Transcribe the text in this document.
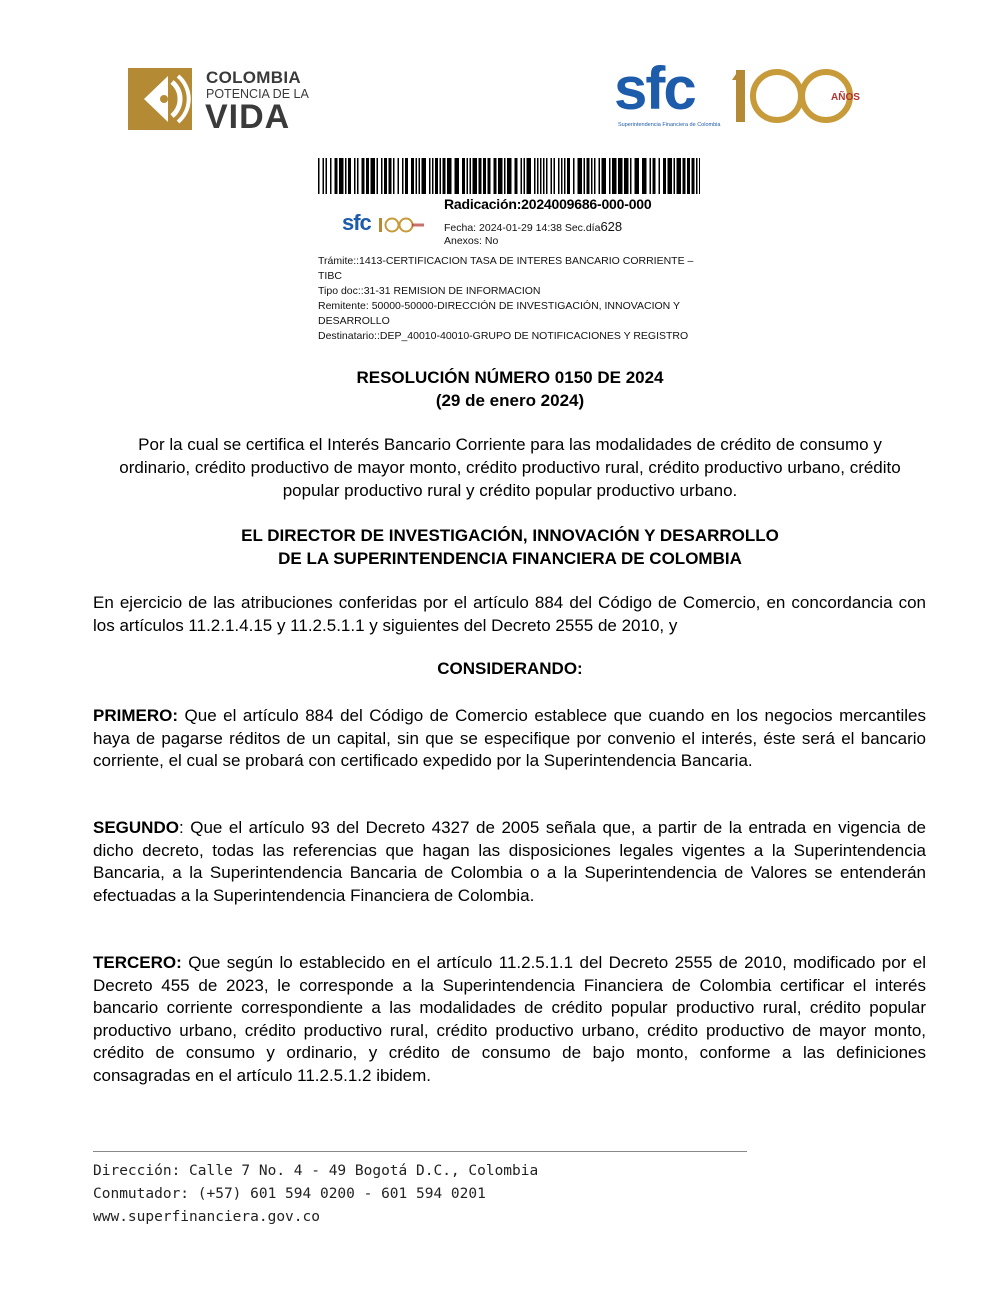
COLOMBIA
POTENCIA DE LA
VIDA	sfc
Superintendencia Financiera de Colombia
AÑOS
sfc
Radicación:2024009686-000-000
Fecha: 2024-01-29 14:38 Sec.día628
Anexos: No
Trámite::1413-CERTIFICACION TASA DE INTERES BANCARIO CORRIENTE –TIBC
Tipo doc::31-31 REMISION DE INFORMACION
Remitente: 50000-50000-DIRECCIÓN DE INVESTIGACIÓN, INNOVACION Y DESARROLLO
Destinatario::DEP_40010-40010-GRUPO DE NOTIFICACIONES Y REGISTRO
RESOLUCIÓN NÚMERO 0150 DE 2024
(29 de enero 2024)
Por la cual se certifica el Interés Bancario Corriente para las modalidades de crédito de consumo y ordinario, crédito productivo de mayor monto, crédito productivo rural, crédito productivo urbano, crédito popular productivo rural y crédito popular productivo urbano.
EL DIRECTOR DE INVESTIGACIÓN, INNOVACIÓN Y DESARROLLO
DE LA SUPERINTENDENCIA FINANCIERA DE COLOMBIA
En ejercicio de las atribuciones conferidas por el artículo 884 del Código de Comercio, en concordancia con los artículos 11.2.1.4.15 y 11.2.5.1.1 y siguientes del Decreto 2555 de 2010, y
CONSIDERANDO:
PRIMERO: Que el artículo 884 del Código de Comercio establece que cuando en los negocios mercantiles haya de pagarse réditos de un capital, sin que se especifique por convenio el interés, éste será el bancario corriente, el cual se probará con certificado expedido por la Superintendencia Bancaria.
SEGUNDO: Que el artículo 93 del Decreto 4327 de 2005 señala que, a partir de la entrada en vigencia de dicho decreto, todas las referencias que hagan las disposiciones legales vigentes a la Superintendencia Bancaria, a la Superintendencia Bancaria de Colombia o a la Superintendencia de Valores se entenderán efectuadas a la Superintendencia Financiera de Colombia.
TERCERO: Que según lo establecido en el artículo 11.2.5.1.1 del Decreto 2555 de 2010, modificado por el Decreto 455 de 2023, le corresponde a la Superintendencia Financiera de Colombia certificar el interés bancario corriente correspondiente a las modalidades de crédito popular productivo rural, crédito popular productivo urbano, crédito productivo rural, crédito productivo urbano, crédito productivo de mayor monto, crédito de consumo y ordinario, y crédito de consumo de bajo monto, conforme a las definiciones consagradas en el artículo 11.2.5.1.2 ibidem.
Dirección: Calle 7 No. 4 - 49 Bogotá D.C., Colombia
Conmutador: (+57) 601 594 0200 - 601 594 0201
www.superfinanciera.gov.co
